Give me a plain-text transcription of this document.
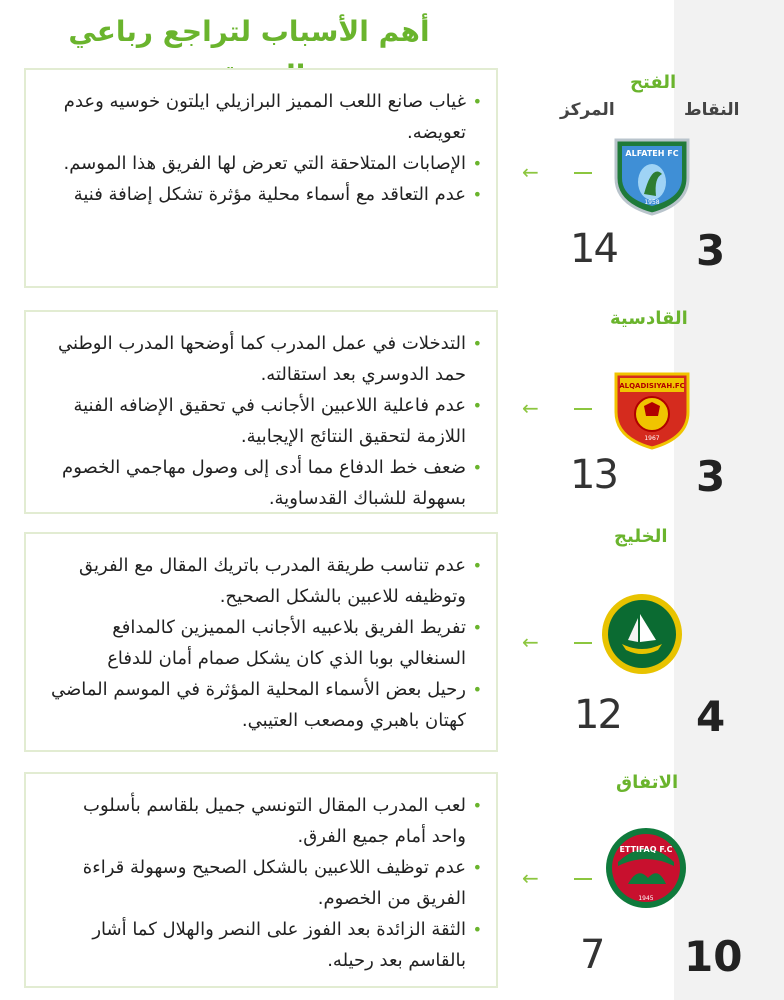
أهم الأسباب لتراجع رباعي
النقاط
المركز
الفتح
•
غياب صانع اللعب المميز البرازيلي ايلتون خوسيه وعدم تعويضه.
•
الإصابات المتلاحقة التي تعرض لها الفريق هذا الموسم.
•
عدم التعاقد مع أسماء محلية مؤثرة تشكل إضافة فنية
←
ALFATEH FC
1958
14 3
القادسية
•
التدخلات في عمل المدرب كما أوضحها المدرب الوطني حمد الدوسري بعد استقالته.
•
عدم فاعلية اللاعبين الأجانب في تحقيق الإضافه الفنية اللازمة لتحقيق النتائج الإيجابية.
•
ضعف خط الدفاع مما أدى إلى وصول مهاجمي الخصوم بسهولة للشباك القدساوية.
←
ALQADISIYAH.FC
1967
13 3
الخليج
•
عدم تناسب طريقة المدرب باتريك المقال مع الفريق وتوظيفه للاعبين بالشكل الصحيح.
•
تفريط الفريق بلاعبيه الأجانب المميزين كالمدافع السنغالي بوبا الذي كان يشكل صمام أمان للدفاع
•
رحيل بعض الأسماء المحلية المؤثرة في الموسم الماضي كهتان باهبري ومصعب العتيبي.
←
12 4
الاتفاق
•
لعب المدرب المقال التونسي جميل بلقاسم بأسلوب واحد أمام جميع الفرق.
•
عدم توظيف اللاعبين بالشكل الصحيح وسهولة قراءة الفريق من الخصوم.
•
الثقة الزائدة بعد الفوز على النصر والهلال كما أشار بالقاسم بعد رحيله.
←
ETTIFAQ F.C
1945
7 10
